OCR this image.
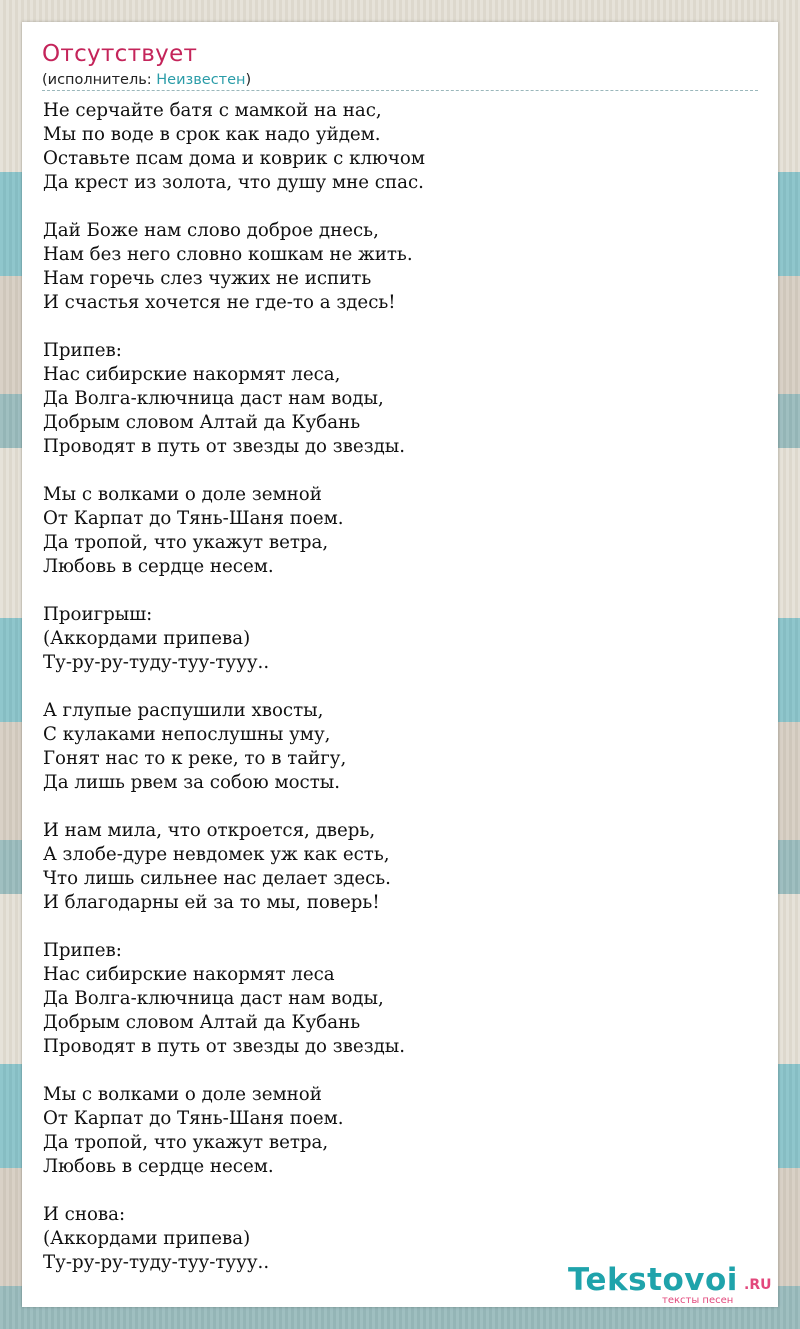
Отсутствует
(исполнитель: Неизвестен)
Не серчайте батя с мамкой на нас,
Мы по воде в срок как надо уйдем.
Оставьте псам дома и коврик с ключом
Да крест из золота, что душу мне спас.

Дай Боже нам слово доброе днесь,
Нам без него словно кошкам не жить.
Нам горечь слез чужих не испить
И счастья хочется не где-то а здесь!

Припев:
Нас сибирские накормят леса,
Да Волга-ключница даст нам воды,
Добрым словом Алтай да Кубань
Проводят в путь от звезды до звезды.

Мы с волками о доле земной
От Карпат до Тянь-Шаня поем.
Да тропой, что укажут ветра,
Любовь в сердце несем.

Проигрыш:
(Аккордами припева)
Ту-ру-ру-туду-туу-тууу..

А глупые распушили хвосты,
С кулаками непослушны уму,
Гонят нас то к реке, то в тайгу,
Да лишь рвем за собою мосты.

И нам мила, что откроется, дверь,
А злобе-дуре невдомек уж как есть,
Что лишь сильнее нас делает здесь.
И благодарны ей за то мы, поверь!

Припев:
Нас сибирские накормят леса
Да Волга-ключница даст нам воды,
Добрым словом Алтай да Кубань
Проводят в путь от звезды до звезды.

Мы с волками о доле земной
От Карпат до Тянь-Шаня поем.
Да тропой, что укажут ветра,
Любовь в сердце несем.

И снова:
(Аккордами припева)
Ту-ру-ру-туду-туу-тууу..	Tekstovoi .RU
тексты песен
